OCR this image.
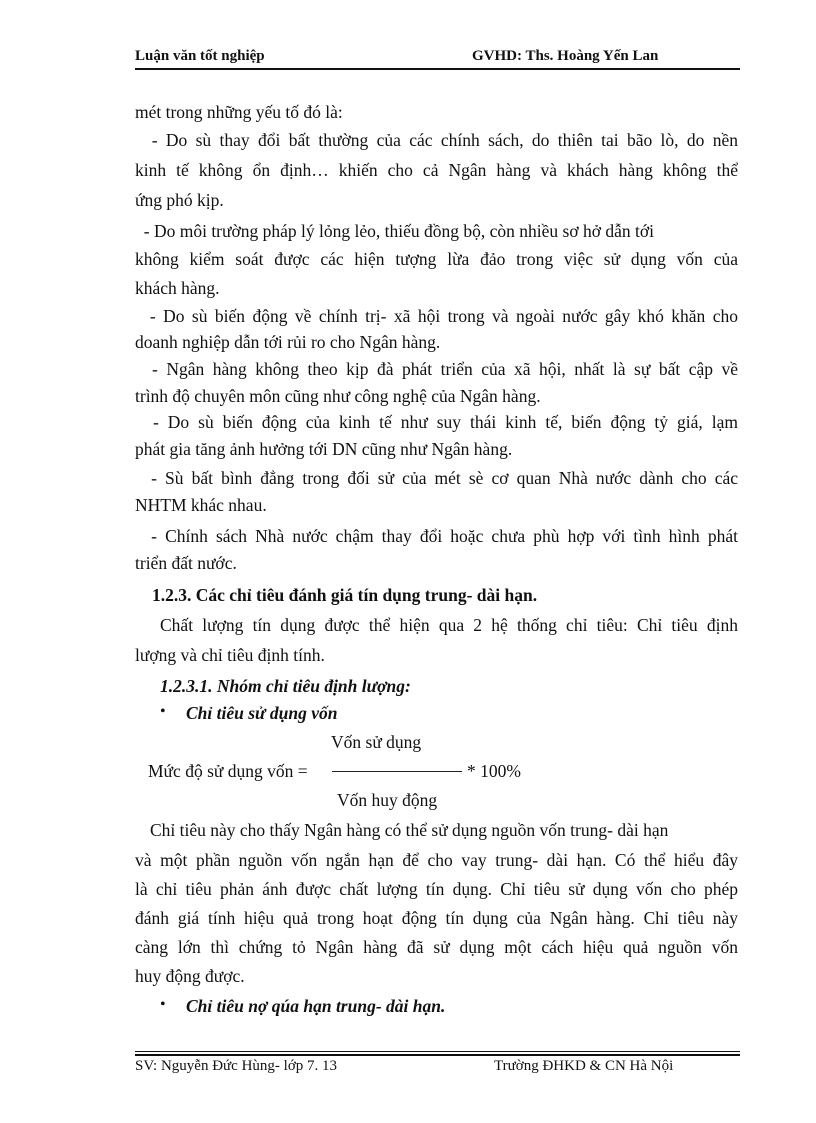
Luận văn tốt nghiệp	GVHD: Ths. Hoàng Yến Lan
mét trong những yếu tố đó là:
- Do sù thay đổi bất thường của các chính sách, do thiên tai bão lò, do nền
kinh tế không ổn định… khiến cho cả Ngân hàng và khách hàng không thể
ứng phó kịp.
- Do môi trường pháp lý lỏng lẻo, thiếu đồng bộ, còn nhiều sơ hở dẫn tới
không kiểm soát được các hiện tượng lừa đảo trong việc sử dụng vốn của
khách hàng.
- Do sù biến động về chính trị- xã hội trong và ngoài nước gây khó khăn cho
doanh nghiệp dẫn tới rủi ro cho Ngân hàng.
- Ngân hàng không theo kịp đà phát triển của xã hội, nhất là sự bất cập về
trình độ chuyên môn cũng như công nghệ của Ngân hàng.
- Do sù biến động của kinh tế như suy thái kinh tế, biến động tỷ giá, lạm
phát gia tăng ảnh hưởng tới DN cũng như Ngân hàng.
- Sù bất bình đẳng trong đối sử của mét sè cơ quan Nhà nước dành cho các
NHTM khác nhau.
- Chính sách Nhà nước chậm thay đổi hoặc chưa phù hợp với tình hình phát
triển đất nước.
1.2.3. Các chỉ tiêu đánh giá tín dụng trung- dài hạn.
Chất lượng tín dụng được thể hiện qua 2 hệ thống chỉ tiêu: Chỉ tiêu định
lượng và chỉ tiêu định tính.
1.2.3.1. Nhóm chỉ tiêu định lượng:
• Chỉ tiêu sử dụng vốn
Vốn sử dụng
Mức độ sử dụng vốn =	* 100%
Vốn huy động
Chỉ tiêu này cho thấy Ngân hàng có thể sử dụng nguồn vốn trung- dài hạn
và một phần nguồn vốn ngắn hạn để cho vay trung- dài hạn. Có thể hiểu đây
là chỉ tiêu phản ánh được chất lượng tín dụng. Chỉ tiêu sử dụng vốn cho phép
đánh giá tính hiệu quả trong hoạt động tín dụng của Ngân hàng. Chỉ tiêu này
càng lớn thì chứng tỏ Ngân hàng đã sử dụng một cách hiệu quả nguồn vốn
huy động được.
• Chỉ tiêu nợ qúa hạn trung- dài hạn.
SV: Nguyễn Đức Hùng- lớp 7. 13	Trường ĐHKD & CN Hà Nội
